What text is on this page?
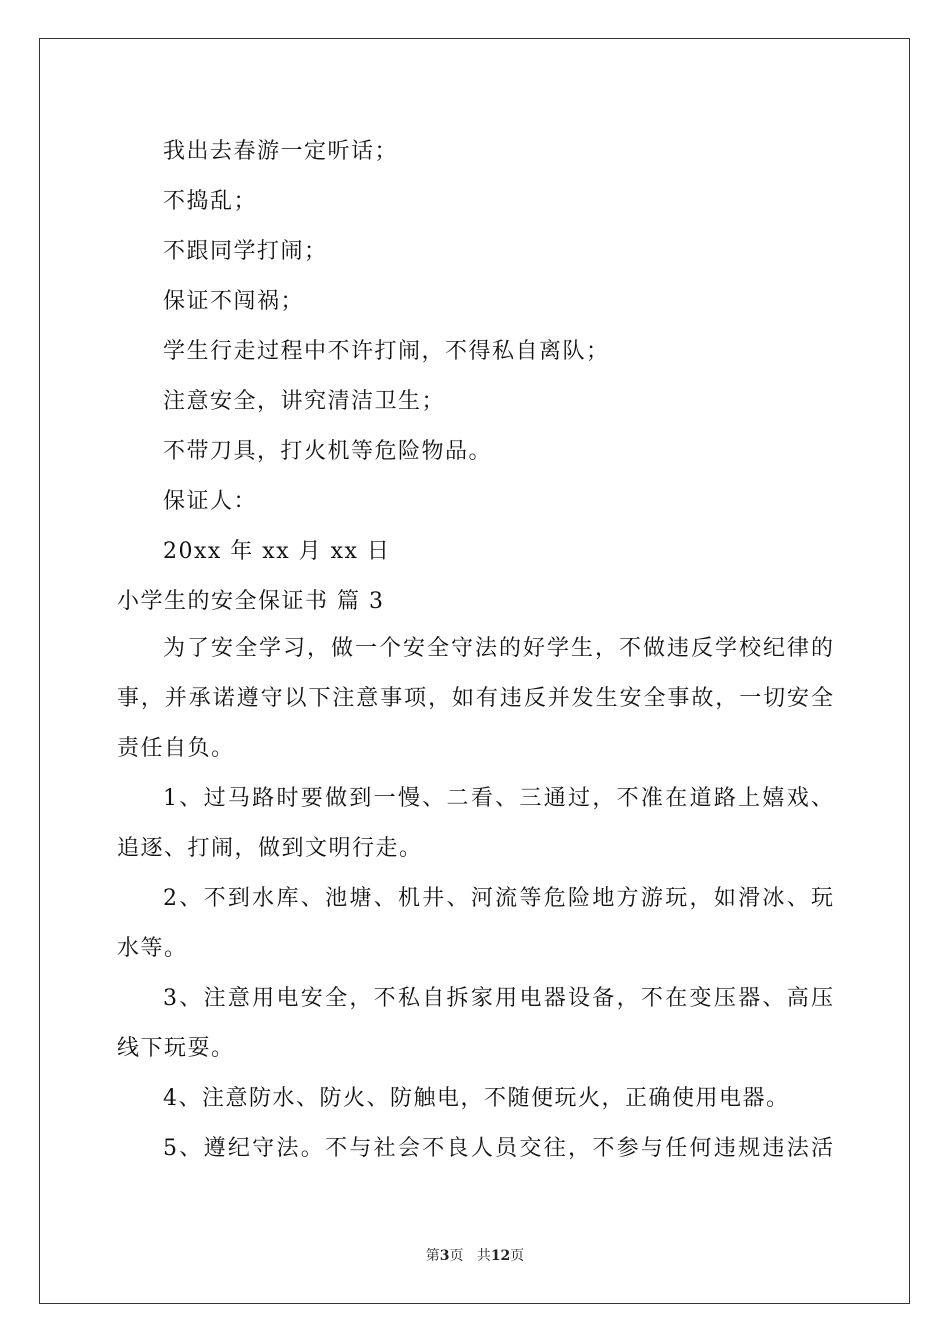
我出去春游一定听话；
不捣乱；
不跟同学打闹；
保证不闯祸；
学生行走过程中不许打闹，不得私自离队；
注意安全，讲究清洁卫生；
不带刀具，打火机等危险物品。
保证人：
20xx 年 xx 月 xx 日
小学生的安全保证书 篇 3
为了安全学习，做一个安全守法的好学生，不做违反学校纪律的
事，并承诺遵守以下注意事项，如有违反并发生安全事故，一切安全
责任自负。
1、过马路时要做到一慢、二看、三通过，不准在道路上嬉戏、
追逐、打闹，做到文明行走。
2、不到水库、池塘、机井、河流等危险地方游玩，如滑冰、玩
水等。
3、注意用电安全，不私自拆家用电器设备，不在变压器、高压
线下玩耍。
4、注意防水、防火、防触电，不随便玩火，正确使用电器。
5、遵纪守法。不与社会不良人员交往，不参与任何违规违法活
第3页 共12页
